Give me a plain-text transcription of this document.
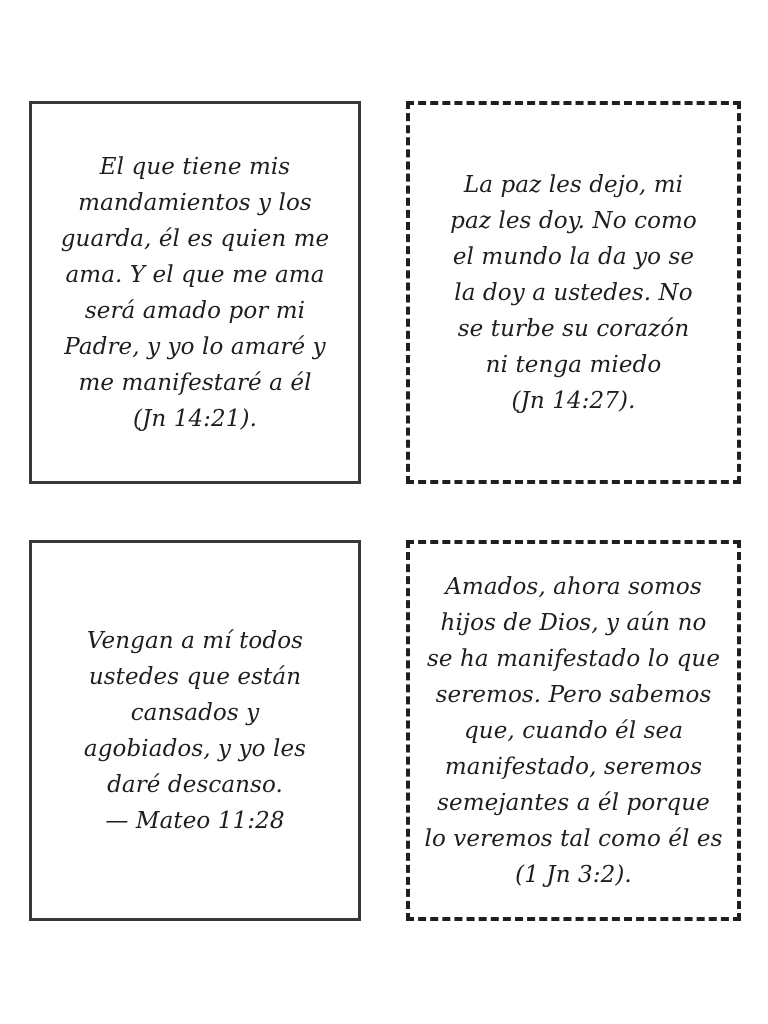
El que tiene mis
mandamientos y los
guarda, él es quien me
ama. Y el que me ama
será amado por mi
Padre, y yo lo amaré y
me manifestaré a él
(Jn 14:21).

La paz les dejo, mi
paz les doy. No como
el mundo la da yo se
la doy a ustedes. No
se turbe su corazón
ni tenga miedo
(Jn 14:27).

Vengan a mí todos
ustedes que están
cansados y
agobiados, y yo les
daré descanso.
— Mateo 11:28

Amados, ahora somos
hijos de Dios, y aún no
se ha manifestado lo que
seremos. Pero sabemos
que, cuando él sea
manifestado, seremos
semejantes a él porque
lo veremos tal como él es
(1 Jn 3:2).
